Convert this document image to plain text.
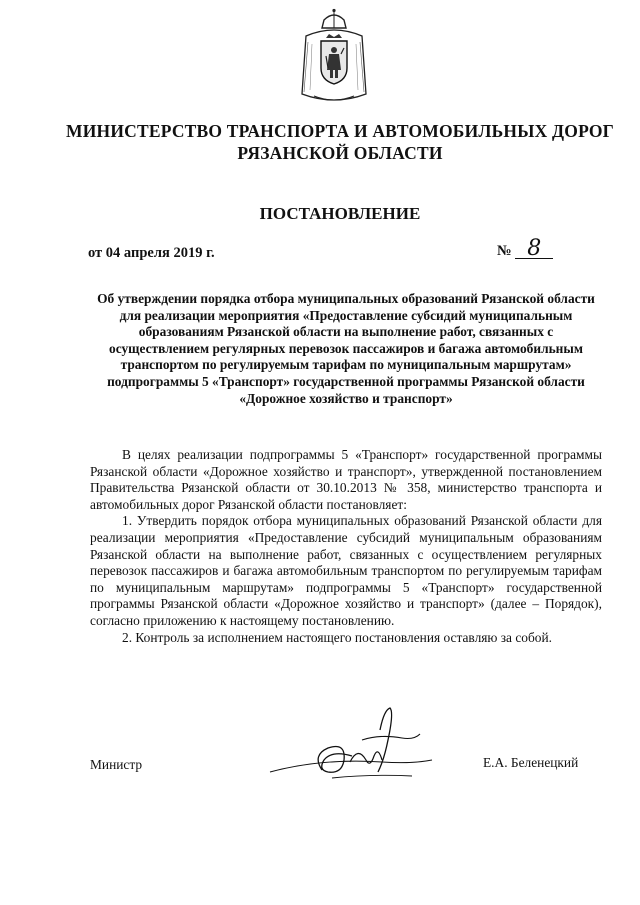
МИНИСТЕРСТВО ТРАНСПОРТА И АВТОМОБИЛЬНЫХ ДОРОГ РЯЗАНСКОЙ ОБЛАСТИ
ПОСТАНОВЛЕНИЕ
от 04 апреля 2019 г.	№ 8
Об утверждении порядка отбора муниципальных образований Рязанской области для реализации мероприятия «Предоставление субсидий муниципальным образованиям Рязанской области на выполнение работ, связанных с осуществлением регулярных перевозок пассажиров и багажа автомобильным транспортом по регулируемым тарифам по муниципальным маршрутам» подпрограммы 5 «Транспорт» государственной программы Рязанской области «Дорожное хозяйство и транспорт»

В целях реализации подпрограммы 5 «Транспорт» государственной программы Рязанской области «Дорожное хозяйство и транспорт», утвержденной постановлением Правительства Рязанской области от 30.10.2013 № 358, министерство транспорта и автомобильных дорог Рязанской области постановляет:

1. Утвердить порядок отбора муниципальных образований Рязанской области для реализации мероприятия «Предоставление субсидий муниципальным образованиям Рязанской области на выполнение работ, связанных с осуществлением регулярных перевозок пассажиров и багажа автомобильным транспортом по регулируемым тарифам по муниципальным маршрутам» подпрограммы 5 «Транспорт» государственной программы Рязанской области «Дорожное хозяйство и транспорт» (далее – Порядок), согласно приложению к настоящему постановлению.

2. Контроль за исполнением настоящего постановления оставляю за собой.

Министр	Е.А. Беленецкий
